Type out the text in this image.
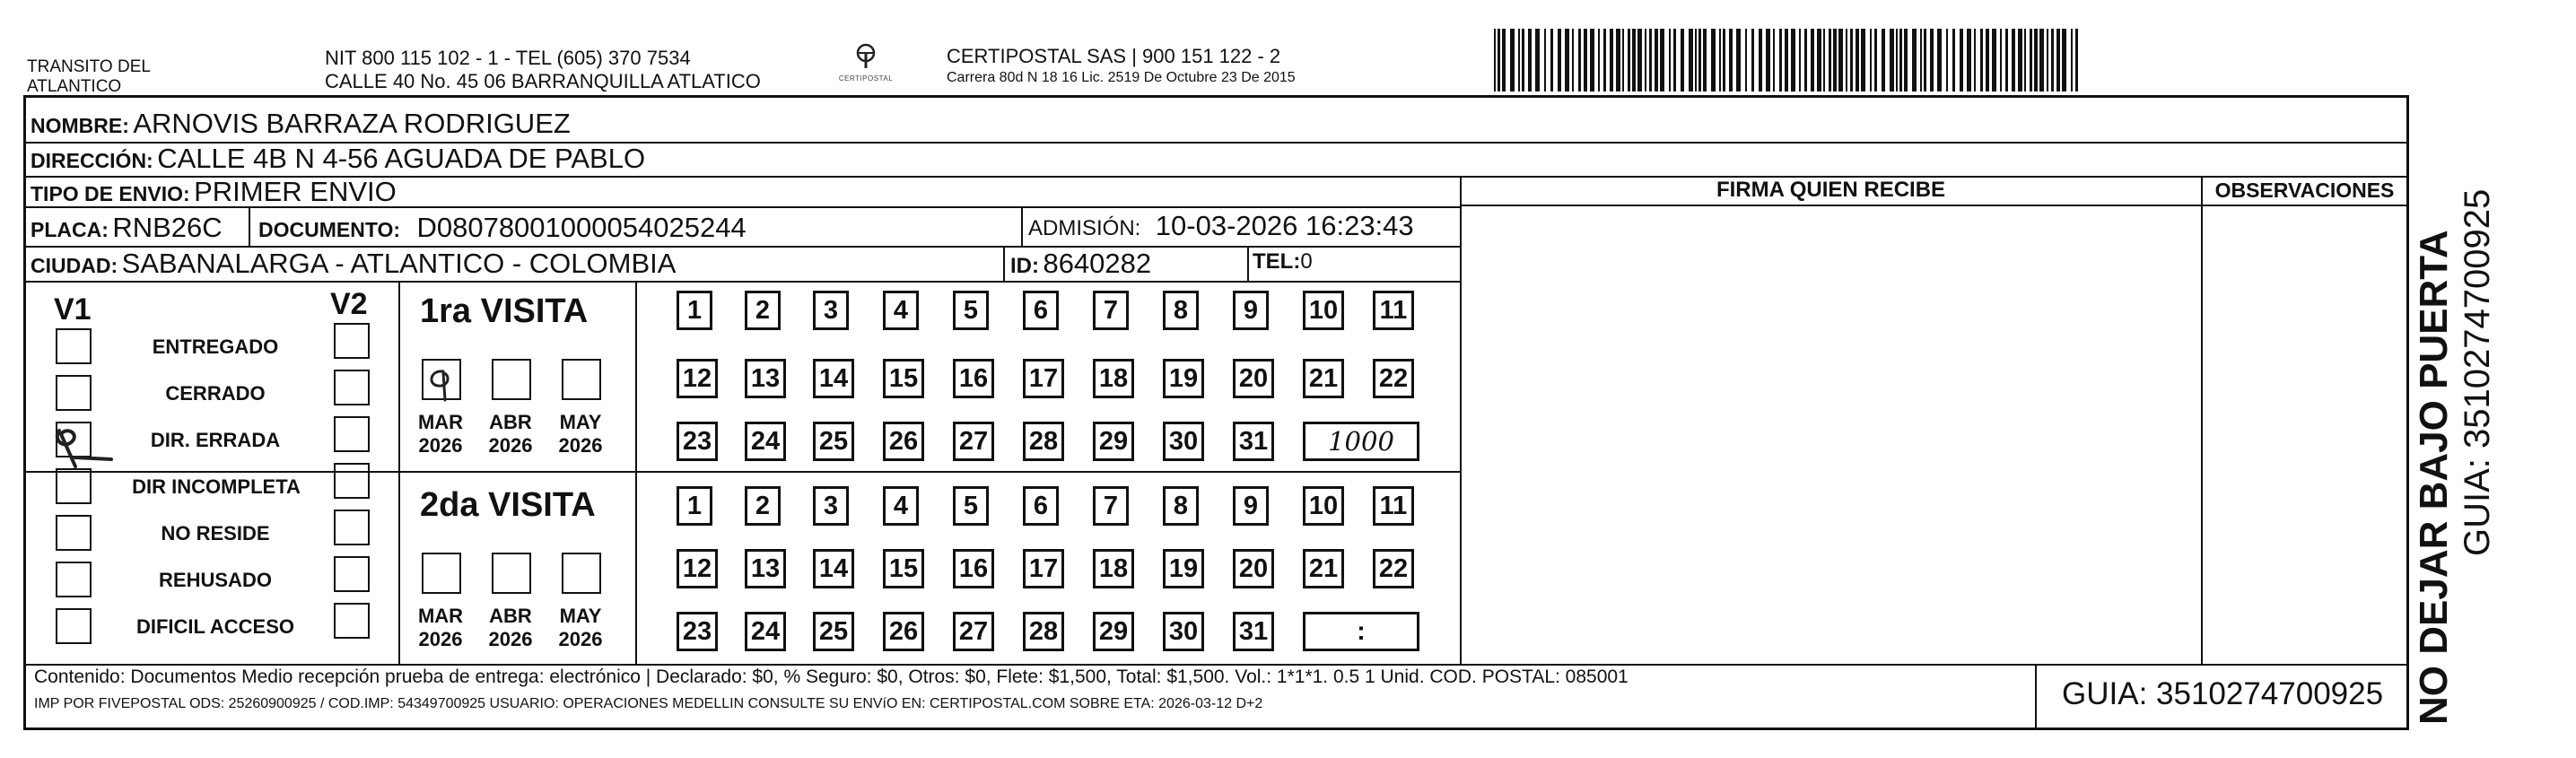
TRANSITO DEL
ATLANTICO
NIT 800 115 102 - 1 - TEL (605) 370 7534
CALLE 40 No. 45 06 BARRANQUILLA ATLATICO	CERTIPOSTAL
CERTIPOSTAL SAS | 900 151 122 - 2
Carrera 80d N 18 16 Lic. 2519 De Octubre 23 De 2015
NOMBRE: ARNOVIS BARRAZA RODRIGUEZ
DIRECCIÓN: CALLE 4B N 4-56 AGUADA DE PABLO
TIPO DE ENVIO: PRIMER ENVIO
PLACA: RNB26C DOCUMENTO: D08078001000054025244	ADMISIÓN: 10-03-2026 16:23:43
CIUDAD: SABANALARGA - ATLANTICO - COLOMBIA	ID: 8640282	TEL:0
FIRMA QUIEN RECIBE	OBSERVACIONES
V1	V2
ENTREGADO
CERRADO
DIR. ERRADA
DIR INCOMPLETA
NO RESIDE
REHUSADO
DIFICIL ACCESO
1ra VISITA
2da VISITA
MAR
2026
ABR
2026
MAY
2026
MAR
2026
ABR
2026
MAY
2026
1	2	3	4	5	6	7	8	9	10 11
12 13 14 15 16 17 18 19 20 21 22
23 24 25 26 27 28 29 30 31 1000
1	2	3	4	5	6	7	8	9	10 11
12 13 14 15 16 17 18 19 20 21 22
23 24 25 26 27 28 29 30 31	:	NO DEJAR BAJO PUERTA GUIA: 3510274700925
Contenido: Documentos Medio recepción prueba de entrega: electrónico | Declarado: $0, % Seguro: $0, Otros: $0, Flete: $1,500, Total: $1,500. Vol.: 1*1*1. 0.5 1 Unid. COD. POSTAL: 085001
IMP POR FIVEPOSTAL ODS: 25260900925 / COD.IMP: 54349700925 USUARIO: OPERACIONES MEDELLIN CONSULTE SU ENVíO EN: CERTIPOSTAL.COM SOBRE ETA: 2026-03-12 D+2	GUIA: 3510274700925
